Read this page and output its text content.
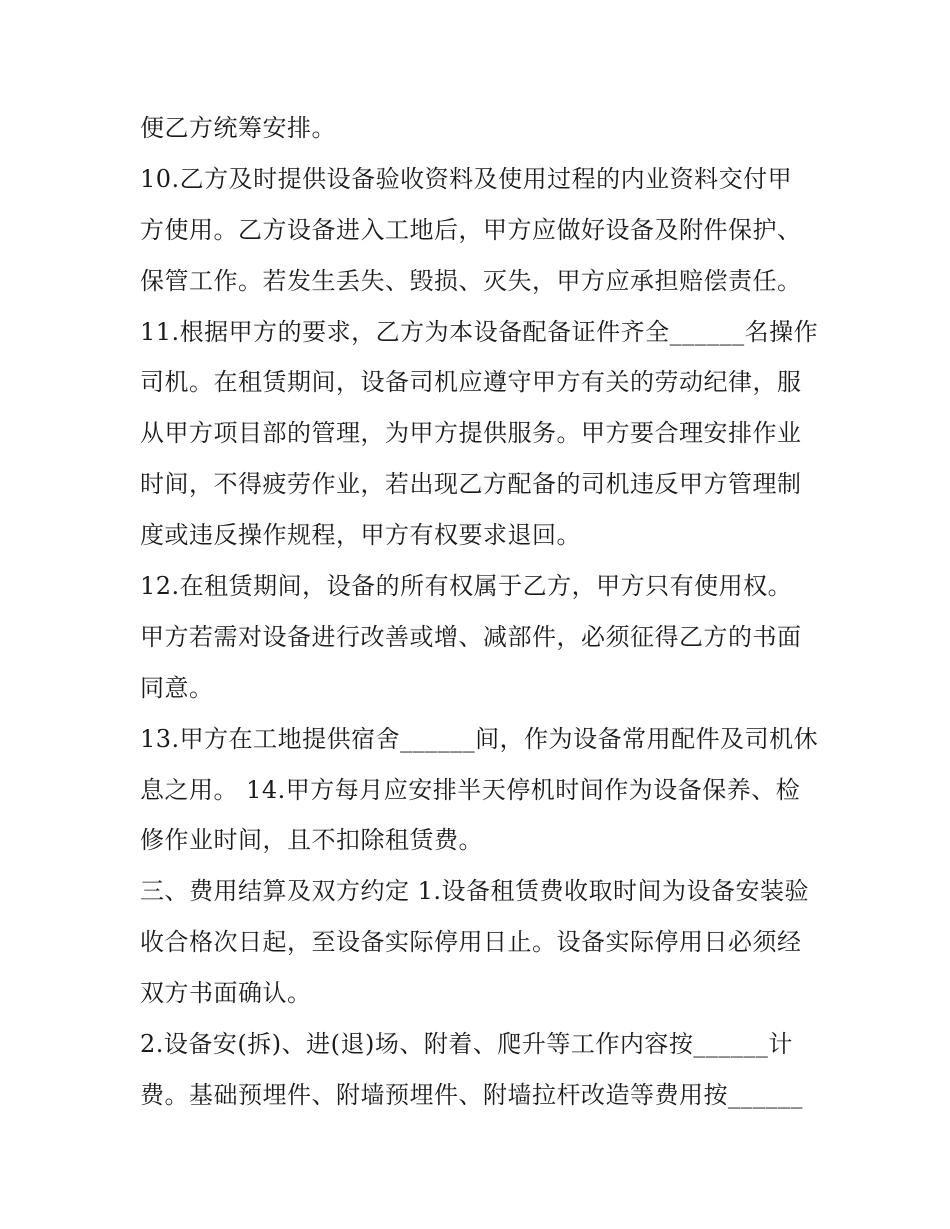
便乙方统筹安排。
10.乙方及时提供设备验收资料及使用过程的内业资料交付甲
方使用。乙方设备进入工地后，甲方应做好设备及附件保护、
保管工作。若发生丢失、毁损、灭失，甲方应承担赔偿责任。
11.根据甲方的要求，乙方为本设备配备证件齐全______名操作
司机。在租赁期间，设备司机应遵守甲方有关的劳动纪律，服
从甲方项目部的管理，为甲方提供服务。甲方要合理安排作业
时间，不得疲劳作业，若出现乙方配备的司机违反甲方管理制
度或违反操作规程，甲方有权要求退回。
12.在租赁期间，设备的所有权属于乙方，甲方只有使用权。
甲方若需对设备进行改善或增、减部件，必须征得乙方的书面
同意。
13.甲方在工地提供宿舍______间，作为设备常用配件及司机休
息之用。 14.甲方每月应安排半天停机时间作为设备保养、检
修作业时间，且不扣除租赁费。
三、费用结算及双方约定 1.设备租赁费收取时间为设备安装验
收合格次日起，至设备实际停用日止。设备实际停用日必须经
双方书面确认。
2.设备安(拆)、进(退)场、附着、爬升等工作内容按______计
费。基础预埋件、附墙预埋件、附墙拉杆改造等费用按______
